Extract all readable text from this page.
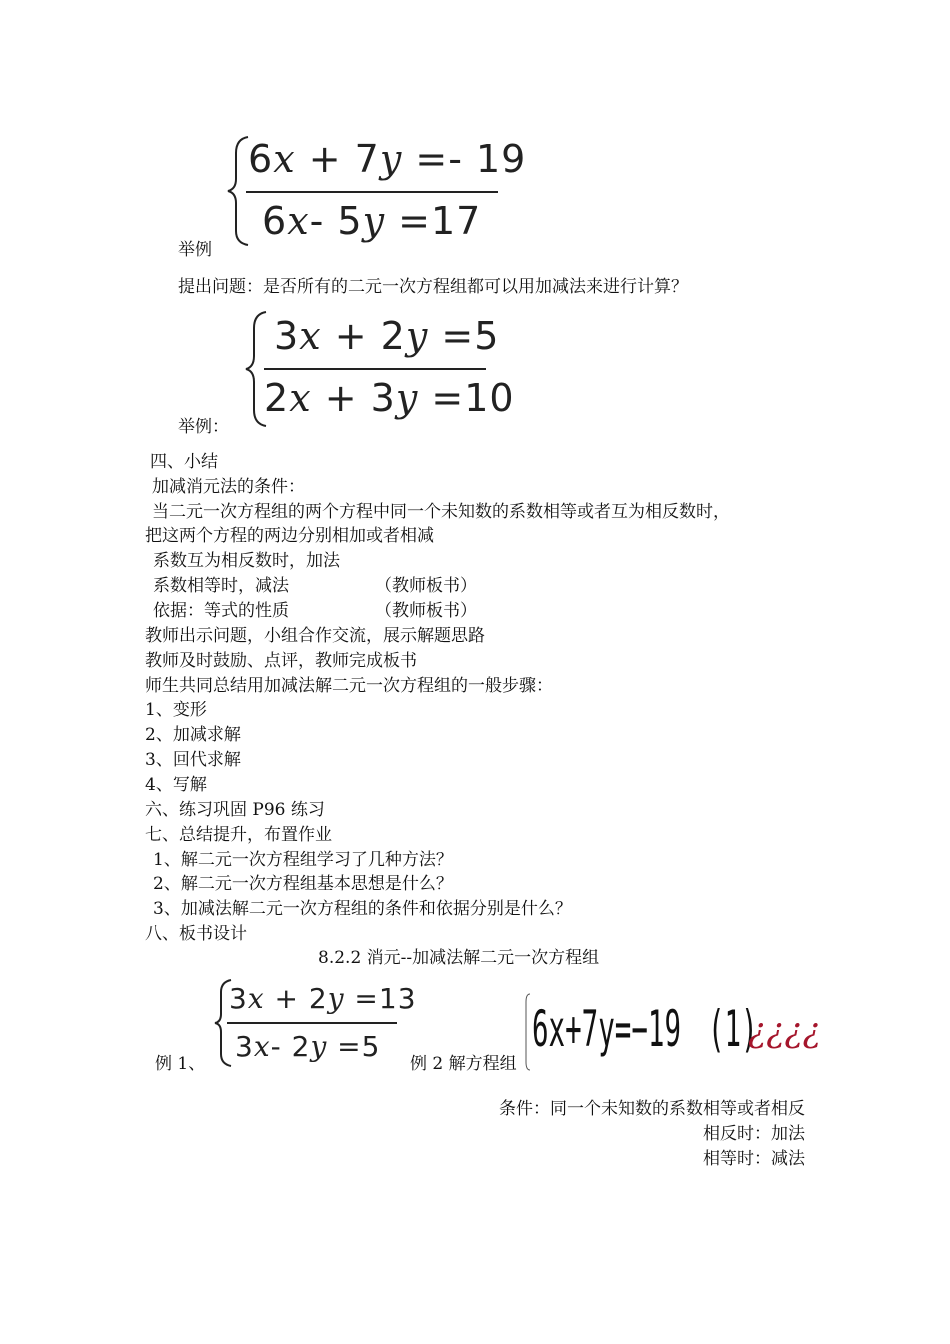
举例
6x + 7y =- 19
6x- 5y =17
提出问题：是否所有的二元一次方程组都可以用加减法来进行计算？
举例：
3x + 2y =5
2x + 3y =10
四、小结
加减消元法的条件：
当二元一次方程组的两个方程中同一个未知数的系数相等或者互为相反数时，
把这两个方程的两边分别相加或者相减
系数互为相反数时，加法
系数相等时，减法	（教师板书）
依据：等式的性质	（教师板书）
教师出示问题，小组合作交流，展示解题思路
教师及时鼓励、点评，教师完成板书
师生共同总结用加减法解二元一次方程组的一般步骤：
1、变形
2、加减求解
3、回代求解
4、写解
六、练习巩固 P96 练习
七、总结提升，布置作业
1、解二元一次方程组学习了几种方法？
2、解二元一次方程组基本思想是什么？
3、加减法解二元一次方程组的条件和依据分别是什么？
八、板书设计
8.2.2 消元--加减法解二元一次方程组
例 1、
3x + 2y =13
3x- 2y =5
例 2 解方程组
6x+7y=−19 (1)
¿¿¿¿
条件：同一个未知数的系数相等或者相反
相反时：加法
相等时：减法
